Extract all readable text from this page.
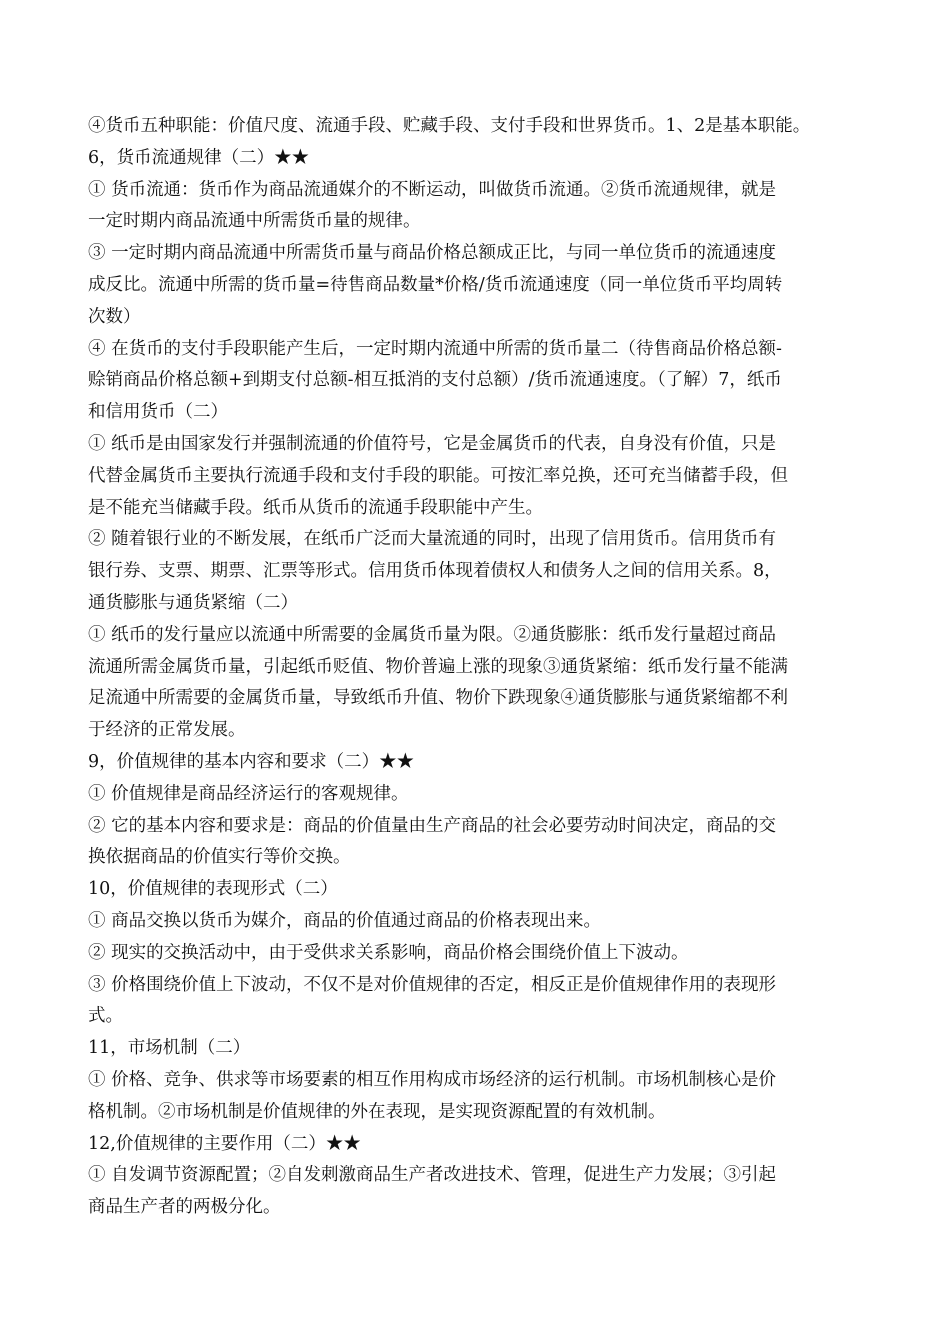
④货币五种职能：价值尺度、流通手段、贮藏手段、支付手段和世界货币。1、2是基本职能。
6，货币流通规律（二）★★
① 货币流通：货币作为商品流通媒介的不断运动，叫做货币流通。②货币流通规律，就是
一定时期内商品流通中所需货币量的规律。
③ 一定时期内商品流通中所需货币量与商品价格总额成正比，与同一单位货币的流通速度
成反比。流通中所需的货币量=待售商品数量*价格/货币流通速度（同一单位货币平均周转
次数）
④ 在货币的支付手段职能产生后，一定时期内流通中所需的货币量二（待售商品价格总额-
赊销商品价格总额+到期支付总额-相互抵消的支付总额）/货币流通速度。（了解）7，纸币
和信用货币（二）
① 纸币是由国家发行并强制流通的价值符号，它是金属货币的代表，自身没有价值，只是
代替金属货币主要执行流通手段和支付手段的职能。可按汇率兑换，还可充当储蓄手段，但
是不能充当储藏手段。纸币从货币的流通手段职能中产生。
② 随着银行业的不断发展，在纸币广泛而大量流通的同时，出现了信用货币。信用货币有
银行券、支票、期票、汇票等形式。信用货币体现着债权人和债务人之间的信用关系。8，
通货膨胀与通货紧缩（二）
① 纸币的发行量应以流通中所需要的金属货币量为限。②通货膨胀：纸币发行量超过商品
流通所需金属货币量，引起纸币贬值、物价普遍上涨的现象③通货紧缩：纸币发行量不能满
足流通中所需要的金属货币量，导致纸币升值、物价下跌现象④通货膨胀与通货紧缩都不利
于经济的正常发展。
9，价值规律的基本内容和要求（二）★★
① 价值规律是商品经济运行的客观规律。
② 它的基本内容和要求是：商品的价值量由生产商品的社会必要劳动时间决定，商品的交
换依据商品的价值实行等价交换。
10，价值规律的表现形式（二）
① 商品交换以货币为媒介，商品的价值通过商品的价格表现出来。
② 现实的交换活动中，由于受供求关系影响，商品价格会围绕价值上下波动。
③ 价格围绕价值上下波动，不仅不是对价值规律的否定，相反正是价值规律作用的表现形
式。
11，市场机制（二）
① 价格、竞争、供求等市场要素的相互作用构成市场经济的运行机制。市场机制核心是价
格机制。②市场机制是价值规律的外在表现，是实现资源配置的有效机制。
12,价值规律的主要作用（二）★★
① 自发调节资源配置；②自发刺激商品生产者改进技术、管理，促进生产力发展；③引起
商品生产者的两极分化。
